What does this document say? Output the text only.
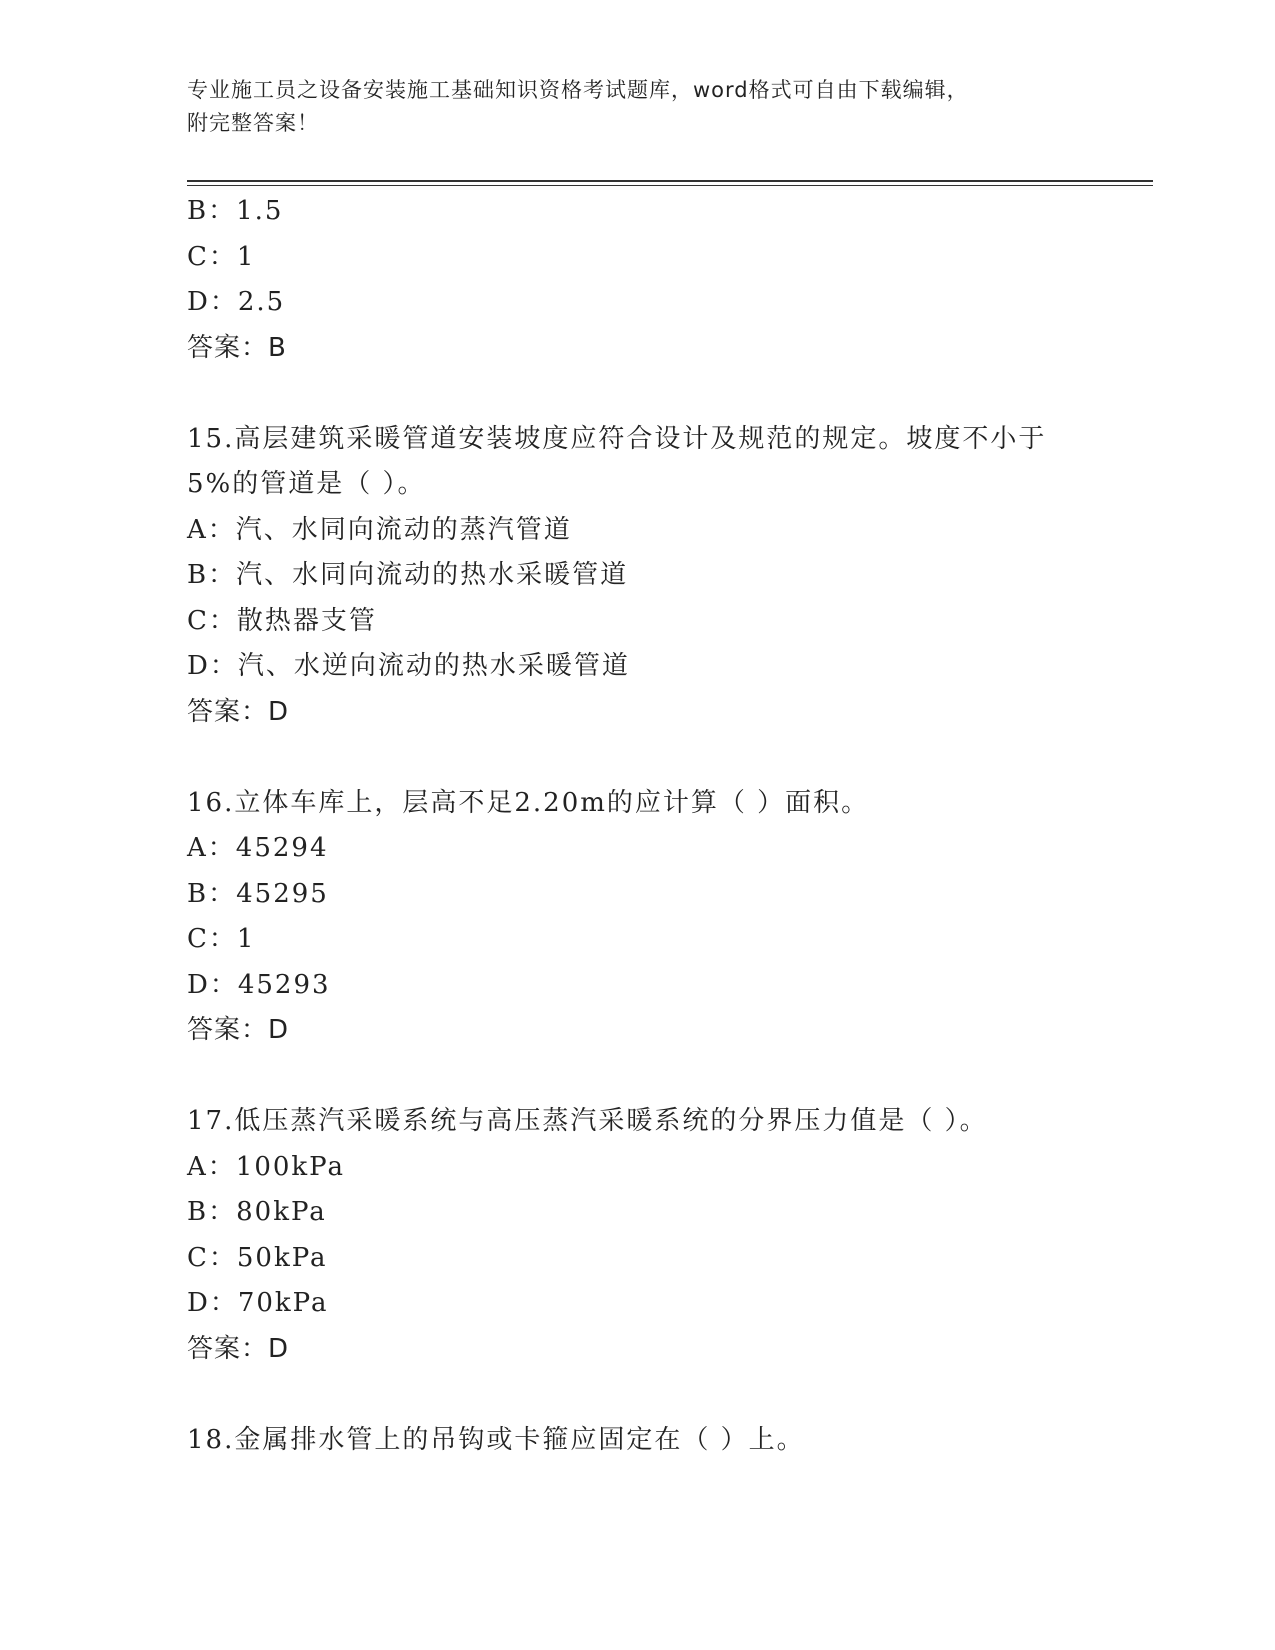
专业施工员之设备安装施工基础知识资格考试题库，word格式可自由下载编辑，
附完整答案！
B：1.5
C：1
D：2.5
答案：B
15.高层建筑采暖管道安装坡度应符合设计及规范的规定。坡度不小于
5%的管道是（ ）。
A：汽、水同向流动的蒸汽管道
B：汽、水同向流动的热水采暖管道
C：散热器支管
D：汽、水逆向流动的热水采暖管道
答案：D
16.立体车库上，层高不足2.20m的应计算（ ）面积。
A：45294
B：45295
C：1
D：45293
答案：D
17.低压蒸汽采暖系统与高压蒸汽采暖系统的分界压力值是（ ）。
A：100kPa
B：80kPa
C：50kPa
D：70kPa
答案：D
18.金属排水管上的吊钩或卡箍应固定在（ ）上。
